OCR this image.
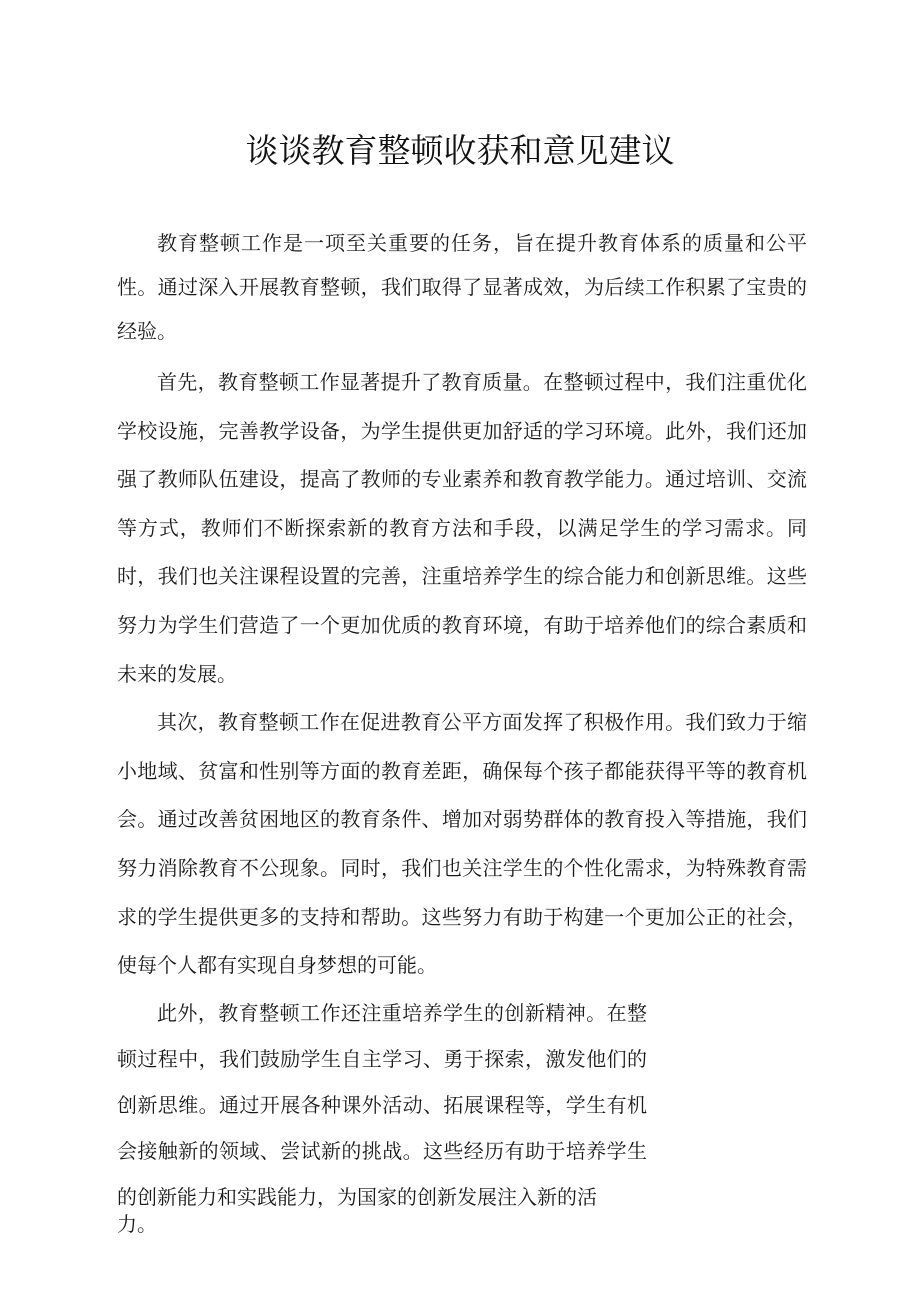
谈谈教育整顿收获和意见建议

教育整顿工作是一项至关重要的任务，旨在提升教育体系的质量和公平性。通过深入开展教育整顿，我们取得了显著成效，为后续工作积累了宝贵的经验。

首先，教育整顿工作显著提升了教育质量。在整顿过程中，我们注重优化学校设施，完善教学设备，为学生提供更加舒适的学习环境。此外，我们还加强了教师队伍建设，提高了教师的专业素养和教育教学能力。通过培训、交流等方式，教师们不断探索新的教育方法和手段，以满足学生的学习需求。同时，我们也关注课程设置的完善，注重培养学生的综合能力和创新思维。这些努力为学生们营造了一个更加优质的教育环境，有助于培养他们的综合素质和未来的发展。

其次，教育整顿工作在促进教育公平方面发挥了积极作用。我们致力于缩小地域、贫富和性别等方面的教育差距，确保每个孩子都能获得平等的教育机会。通过改善贫困地区的教育条件、增加对弱势群体的教育投入等措施，我们努力消除教育不公现象。同时，我们也关注学生的个性化需求，为特殊教育需求的学生提供更多的支持和帮助。这些努力有助于构建一个更加公正的社会，使每个人都有实现自身梦想的可能。

此外，教育整顿工作还注重培养学生的创新精神。在整顿过程中，我们鼓励学生自主学习、勇于探索，激发他们的创新思维。通过开展各种课外活动、拓展课程等，学生有机会接触新的领域、尝试新的挑战。这些经历有助于培养学生的创新能力和实践能力，为国家的创新发展注入新的活

力。
